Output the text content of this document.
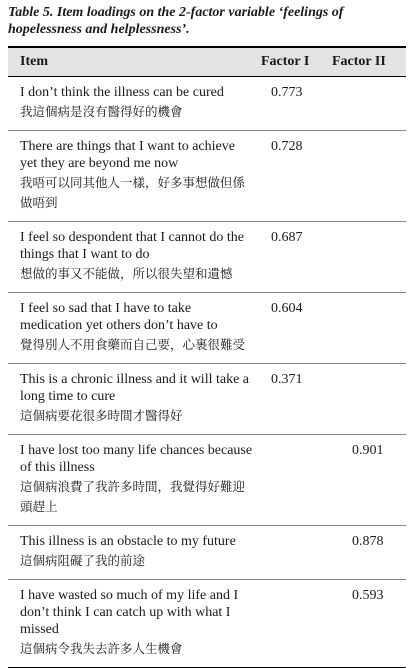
Table 5. Item loadings on the 2-factor variable ‘feelings of hopelessness and helplessness’.
Item	Factor I	Factor II
I don’t think the illness can be cured
我這個病是沒有醫得好的機會
0.773
There are things that I want to achieve yet they are beyond me now
我唔可以同其他人一樣，好多事想做但係做唔到
0.728
I feel so despondent that I cannot do the things that I want to do
想做的事又不能做，所以很失望和遺憾
0.687
I feel so sad that I have to take medication yet others don’t have to
覺得別人不用食藥而自己要，心裹很難受
0.604
This is a chronic illness and it will take a long time to cure
這個病要花很多時間才醫得好
0.371
I have lost too many life chances because of this illness
這個病浪費了我許多時間，我覺得好難迎頭趕上
0.901
This illness is an obstacle to my future
這個病阻礙了我的前途
0.878
I have wasted so much of my life and I don’t think I can catch up with what I missed
這個病令我失去許多人生機會
0.593
